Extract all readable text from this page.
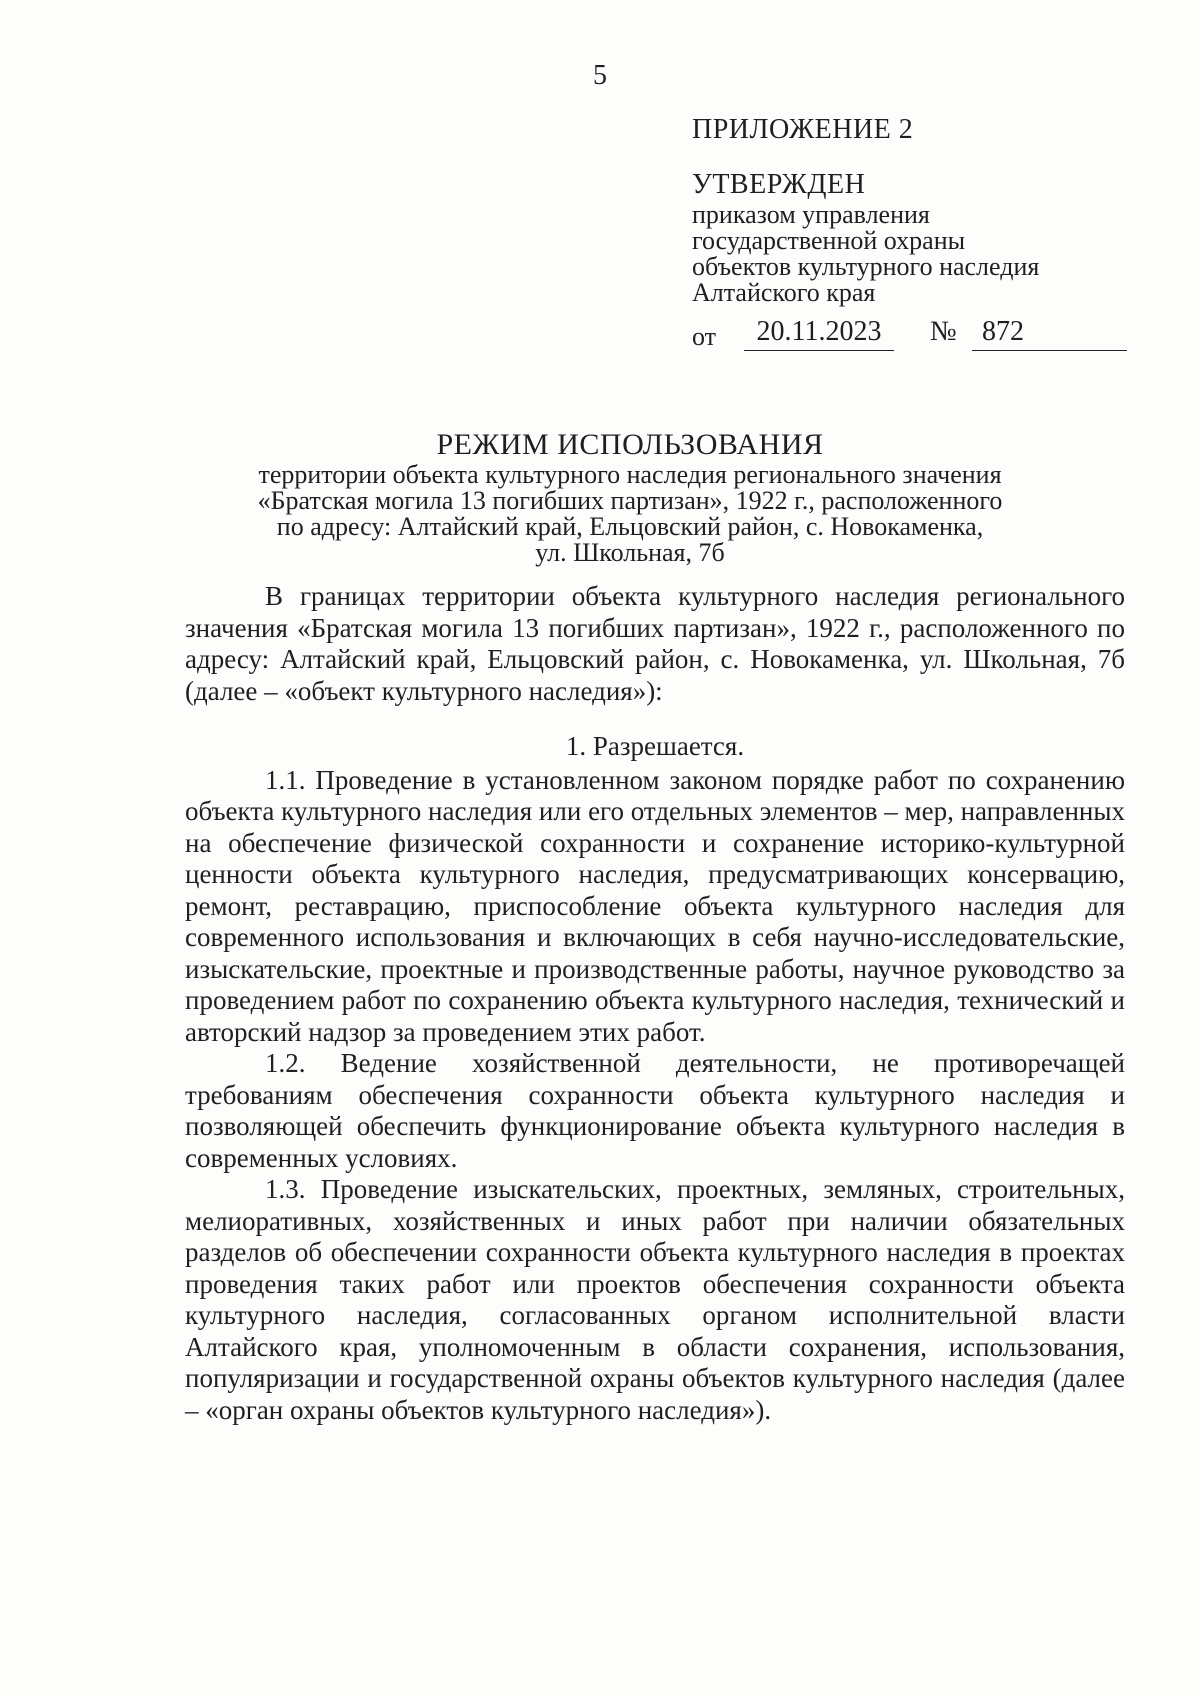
5
ПРИЛОЖЕНИЕ 2
УТВЕРЖДЕН
приказом управления
государственной охраны
объектов культурного наследия
Алтайского края
от	20.11.2023	№ 872
РЕЖИМ ИСПОЛЬЗОВАНИЯ
территории объекта культурного наследия регионального значения
«Братская могила 13 погибших партизан», 1922 г., расположенного
по адресу: Алтайский край, Ельцовский район, с. Новокаменка,
ул. Школьная, 7б

В границах территории объекта культурного наследия регионального значения «Братская могила 13 погибших партизан», 1922 г., расположенного по адресу: Алтайский край, Ельцовский район, с. Новокаменка, ул. Школьная, 7б (далее – «объект культурного наследия»):

1. Разрешается.

1.1. Проведение в установленном законом порядке работ по сохранению объекта культурного наследия или его отдельных элементов – мер, направленных на обеспечение физической сохранности и сохранение историко-культурной ценности объекта культурного наследия, предусматривающих консервацию, ремонт, реставрацию, приспособление объекта культурного наследия для современного использования и включающих в себя научно-исследовательские, изыскательские, проектные и производственные работы, научное руководство за проведением работ по сохранению объекта культурного наследия, технический и авторский надзор за проведением этих работ.

1.2. Ведение хозяйственной деятельности, не противоречащей требованиям обеспечения сохранности объекта культурного наследия и позволяющей обеспечить функционирование объекта культурного наследия в современных условиях.

1.3. Проведение изыскательских, проектных, земляных, строительных, мелиоративных, хозяйственных и иных работ при наличии обязательных разделов об обеспечении сохранности объекта культурного наследия в проектах проведения таких работ или проектов обеспечения сохранности объекта культурного наследия, согласованных органом исполнительной власти Алтайского края, уполномоченным в области сохранения, использования, популяризации и государственной охраны объектов культурного наследия (далее – «орган охраны объектов культурного наследия»).
